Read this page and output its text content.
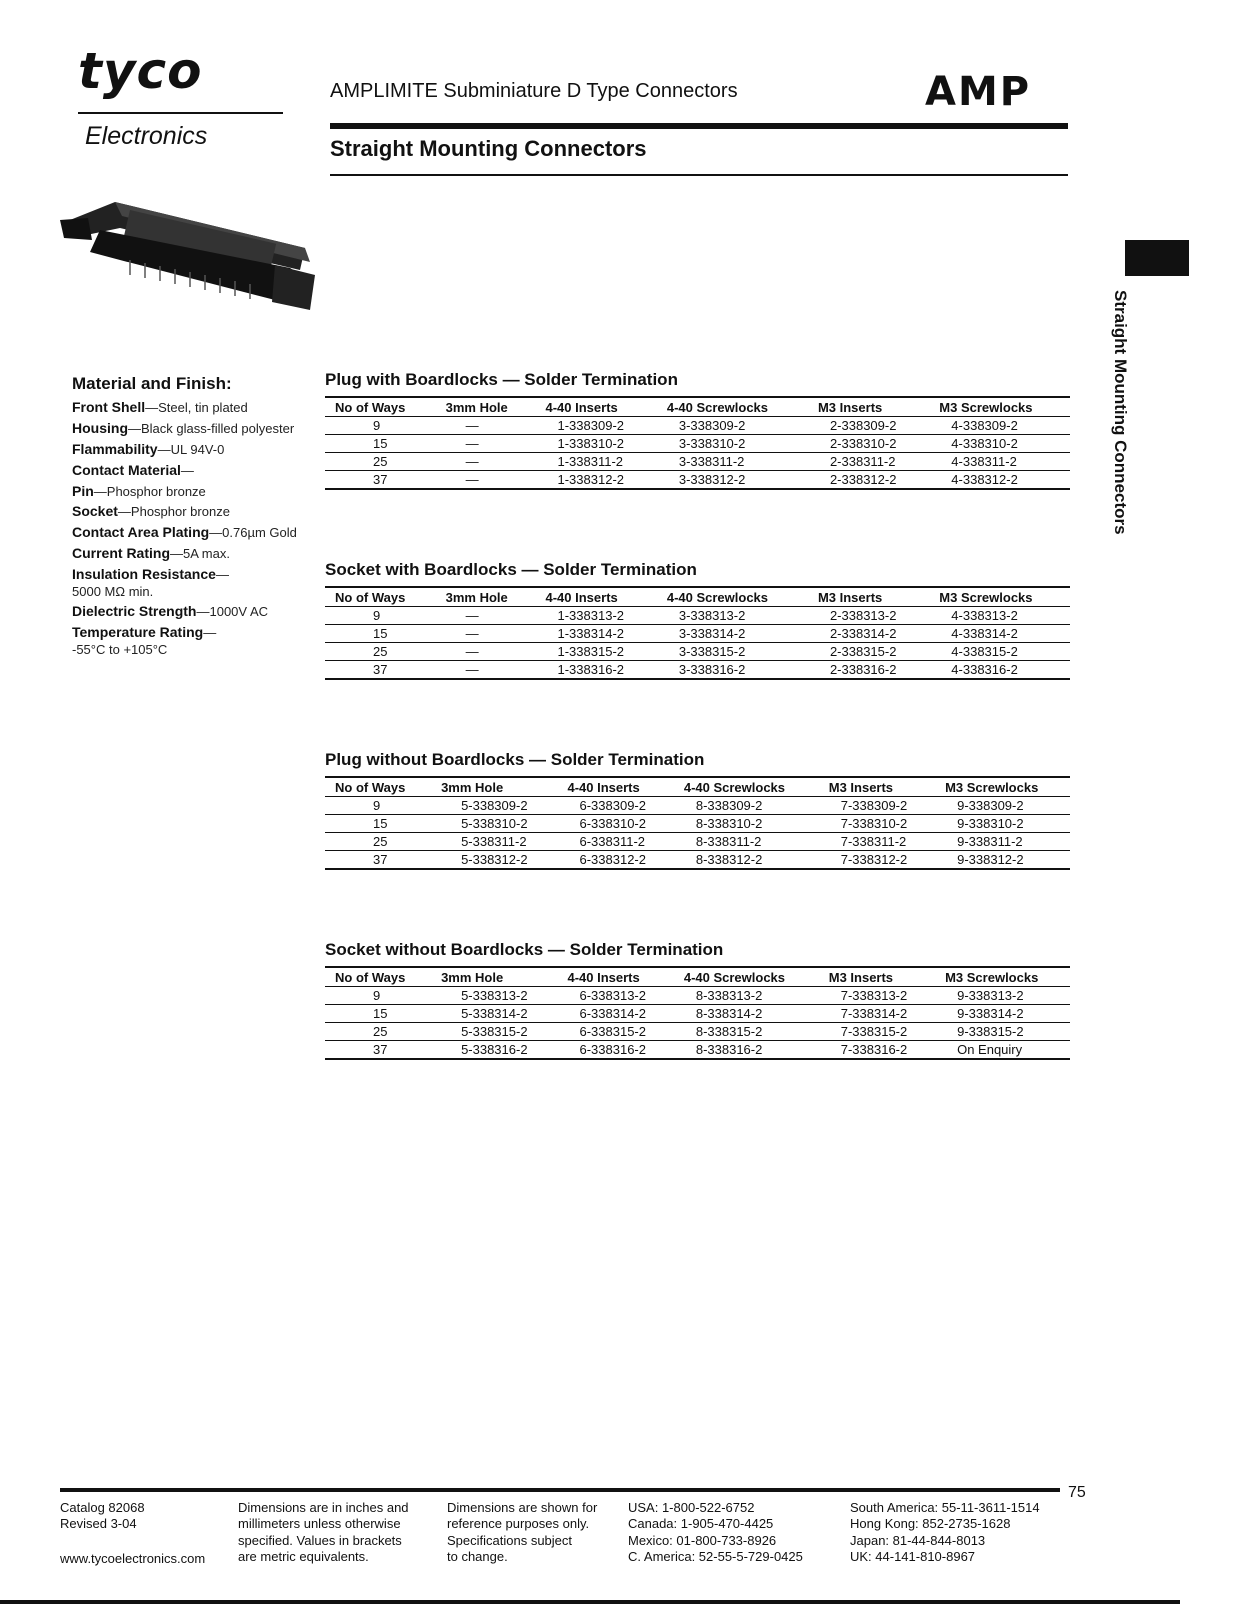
tyco
Electronics
AMPLIMITE Subminiature D Type Connectors	AMP
Straight Mounting Connectors
Straight Mounting Connectors
Material and Finish:
Front Shell—Steel, tin plated
Housing—Black glass-filled polyester
Flammability—UL 94V-0
Contact Material—
Pin—Phosphor bronze
Socket—Phosphor bronze
Contact Area Plating—0.76µm Gold
Current Rating—5A max.
Insulation Resistance—
5000 MΩ min.
Dielectric Strength—1000V AC
Temperature Rating—
-55°C to +105°C
Plug with Boardlocks — Solder Termination
No of Ways	3mm Hole	4-40 Inserts	4-40 Screwlocks	M3 Inserts	M3 Screwlocks
9	—	1-338309-2	3-338309-2	2-338309-2	4-338309-2
15	—	1-338310-2	3-338310-2	2-338310-2	4-338310-2
25	—	1-338311-2	3-338311-2	2-338311-2	4-338311-2
37	—	1-338312-2	3-338312-2	2-338312-2	4-338312-2
Socket with Boardlocks — Solder Termination
No of Ways	3mm Hole	4-40 Inserts	4-40 Screwlocks	M3 Inserts	M3 Screwlocks
9	—	1-338313-2	3-338313-2	2-338313-2	4-338313-2
15	—	1-338314-2	3-338314-2	2-338314-2	4-338314-2
25	—	1-338315-2	3-338315-2	2-338315-2	4-338315-2
37	—	1-338316-2	3-338316-2	2-338316-2	4-338316-2
Plug without Boardlocks — Solder Termination
No of Ways	3mm Hole	4-40 Inserts	4-40 Screwlocks	M3 Inserts	M3 Screwlocks
9	5-338309-2	6-338309-2	8-338309-2	7-338309-2	9-338309-2
15	5-338310-2	6-338310-2	8-338310-2	7-338310-2	9-338310-2
25	5-338311-2	6-338311-2	8-338311-2	7-338311-2	9-338311-2
37	5-338312-2	6-338312-2	8-338312-2	7-338312-2	9-338312-2
Socket without Boardlocks — Solder Termination
No of Ways	3mm Hole	4-40 Inserts	4-40 Screwlocks	M3 Inserts	M3 Screwlocks
9	5-338313-2	6-338313-2	8-338313-2	7-338313-2	9-338313-2
15	5-338314-2	6-338314-2	8-338314-2	7-338314-2	9-338314-2
25	5-338315-2	6-338315-2	8-338315-2	7-338315-2	9-338315-2
37	5-338316-2	6-338316-2	8-338316-2	7-338316-2	On Enquiry
75
Catalog 82068
Revised 3-04
www.tycoelectronics.com
Dimensions are in inches and
millimeters unless otherwise
specified. Values in brackets
are metric equivalents.
Dimensions are shown for
reference purposes only.
Specifications subject
to change.
USA: 1-800-522-6752
Canada: 1-905-470-4425
Mexico: 01-800-733-8926
C. America: 52-55-5-729-0425
South America: 55-11-3611-1514
Hong Kong: 852-2735-1628
Japan: 81-44-844-8013
UK: 44-141-810-8967
